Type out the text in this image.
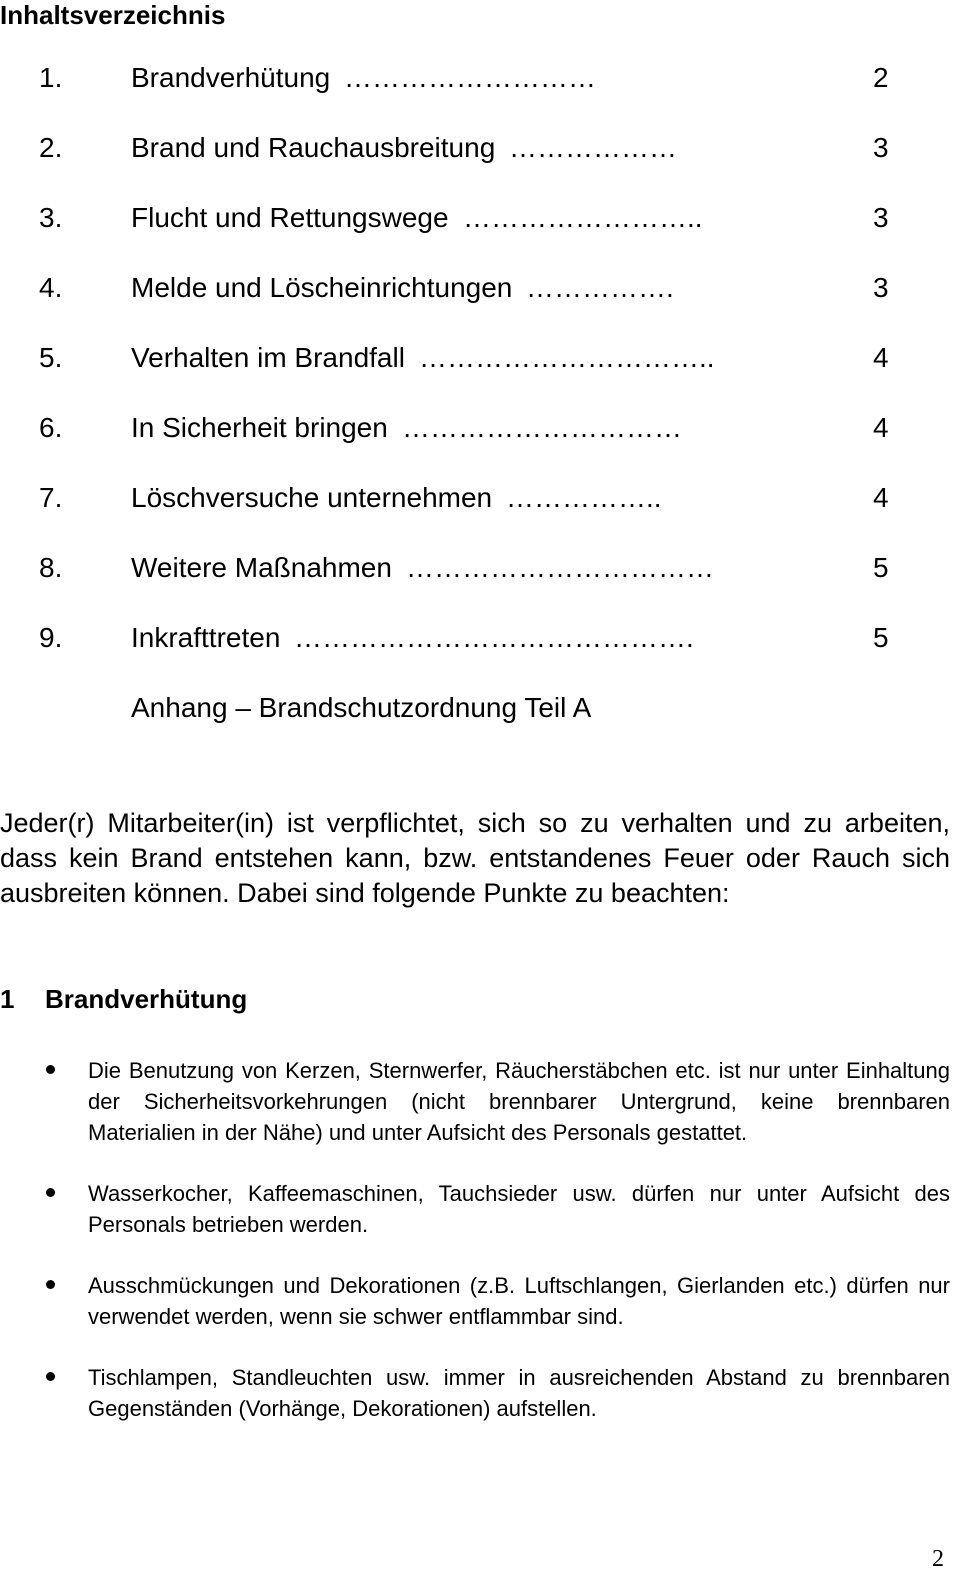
Inhaltsverzeichnis
1. Brandverhütung ………………………	2
2. Brand und Rauchausbreitung ………………	3
3. Flucht und Rettungswege ……………………..	3
4. Melde und Löscheinrichtungen …………….	3
5. Verhalten im Brandfall …………………………..	4
6. In Sicherheit bringen …………………………	4
7. Löschversuche unternehmen ……………..	4
8. Weitere Maßnahmen ……………………………	5
9. Inkrafttreten …………………………………….	5
Anhang – Brandschutzordnung Teil A

Jeder(r) Mitarbeiter(in) ist verpflichtet, sich so zu verhalten und zu arbeiten, dass kein Brand entstehen kann, bzw. entstandenes Feuer oder Rauch sich ausbreiten können. Dabei sind folgende Punkte zu beachten:

1 Brandverhütung
Die Benutzung von Kerzen, Sternwerfer, Räucherstäbchen etc. ist nur unter Einhaltung der Sicherheitsvorkehrungen (nicht brennbarer Untergrund, keine brennbaren Materialien in der Nähe) und unter Aufsicht des Personals gestattet.
Wasserkocher, Kaffeemaschinen, Tauchsieder usw. dürfen nur unter Aufsicht des Personals betrieben werden.
Ausschmückungen und Dekorationen (z.B. Luftschlangen, Gierlanden etc.) dürfen nur verwendet werden, wenn sie schwer entflammbar sind.
Tischlampen, Standleuchten usw. immer in ausreichenden Abstand zu brennbaren Gegenständen (Vorhänge, Dekorationen) aufstellen.
2
